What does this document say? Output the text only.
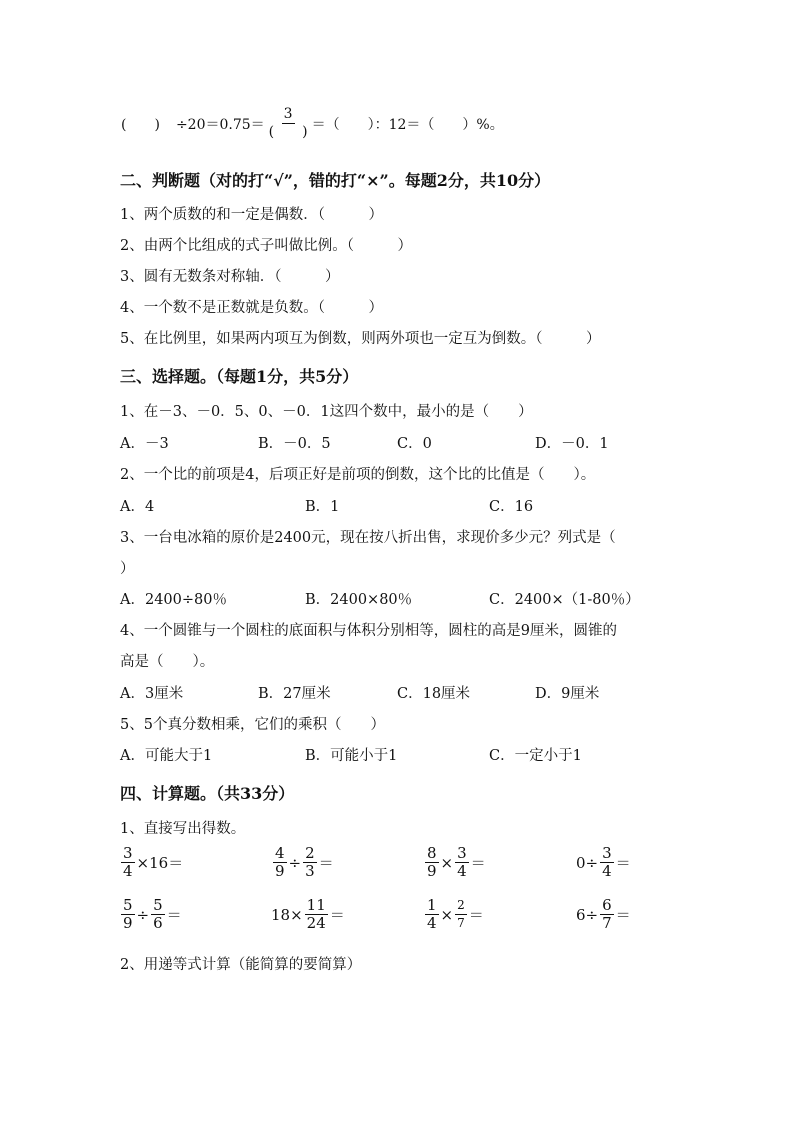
(　　) $\div 20=0.75= \frac{3}{( )}$ ＝（　　）：12＝（　　）%。
二、判断题（对的打“√”，错的打“×”。每题2分，共10分）
1、两个质数的和一定是偶数．（　　　）
2、由两个比组成的式子叫做比例。（　　　）
3、圆有无数条对称轴．（　　　）
4、一个数不是正数就是负数。（　　　）
5、在比例里，如果两内项互为倒数，则两外项也一定互为倒数。（　　　）
三、选择题。（每题1分，共5分）
1、在－3、－0．5、0、－0．1这四个数中，最小的是（　　）
A．－3	B．－0．5	C．0	D．－0．1
2、一个比的前项是4，后项正好是前项的倒数，这个比的比值是（　　）。
A．4	B．1	C．16
3、一台电冰箱的原价是2400元，现在按八折出售，求现价多少元？列式是（
）
A．2400÷80％	B．2400×80％	C．2400×（1-80％）
4、一个圆锥与一个圆柱的底面积与体积分别相等，圆柱的高是9厘米，圆锥的
高是（　　）。
A．3厘米	B．27厘米	C．18厘米	D．9厘米
5、5个真分数相乘，它们的乘积（　　）
A．可能大于1	B．可能小于1	C．一定小于1
四、计算题。（共33分）
1、直接写出得数。
$\frac{3}{4} \times 16=$	$\frac{4}{9} \div \frac{2}{3}$ ＝	$\frac{8}{9} \times \frac{3}{4}$ ＝	$0\div \frac{3}{4}$ ＝
$\frac{5}{9} \div \frac{5}{6}$ ＝	$18\times \frac{11}{24}$ ＝	$\frac{1}{4} \times \frac{2}{7}$ ＝	$6\div \frac{6}{7}$ ＝
2、用递等式计算（能简算的要简算）
